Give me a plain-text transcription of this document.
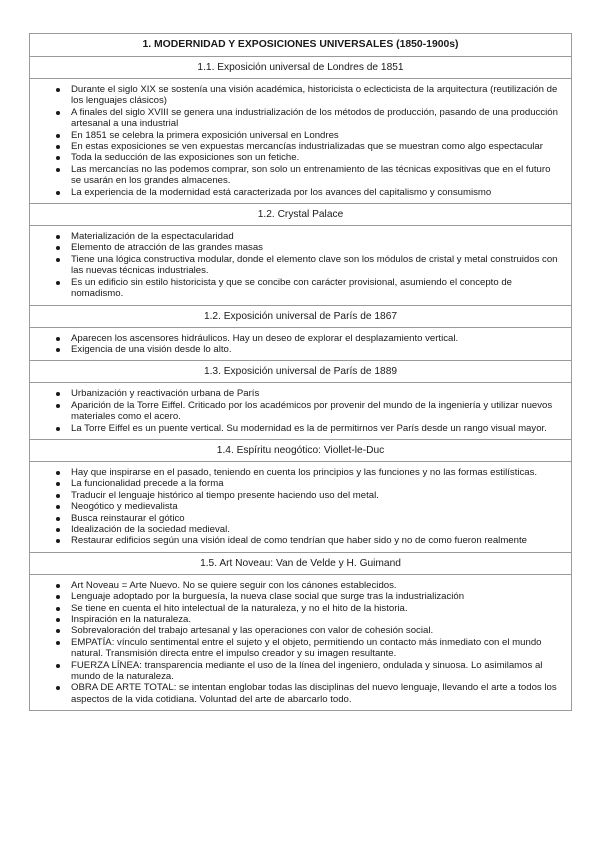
1. MODERNIDAD Y EXPOSICIONES UNIVERSALES (1850-1900s)
1.1. Exposición universal de Londres de 1851
Durante el siglo XIX se sostenía una visión académica, historicista o eclecticista de la arquitectura (reutilización de los lenguajes clásicos)
A finales del siglo XVIII se genera una industrialización de los métodos de producción, pasando de una producción artesanal a una industrial
En 1851 se celebra la primera exposición universal en Londres
En estas exposiciones se ven expuestas mercancías industrializadas que se muestran como algo espectacular
Toda la seducción de las exposiciones son un fetiche.
Las mercancías no las podemos comprar, son solo un entrenamiento de las técnicas expositivas que en el futuro se usarán en los grandes almacenes.
La experiencia de la modernidad está caracterizada por los avances del capitalismo y consumismo
1.2. Crystal Palace
Materialización de la espectacularidad
Elemento de atracción de las grandes masas
Tiene una lógica constructiva modular, donde el elemento clave son los módulos de cristal y metal construidos con las nuevas técnicas industriales.
Es un edificio sin estilo historicista y que se concibe con carácter provisional, asumiendo el concepto de nomadismo.
1.2. Exposición universal de París de 1867
Aparecen los ascensores hidráulicos. Hay un deseo de explorar el desplazamiento vertical.
Exigencia de una visión desde lo alto.
1.3. Exposición universal de París de 1889
Urbanización y reactivación urbana de París
Aparición de la Torre Eiffel. Criticado por los académicos por provenir del mundo de la ingeniería y utilizar nuevos materiales como el acero.
La Torre Eiffel es un puente vertical. Su modernidad es la de permitirnos ver París desde un rango visual mayor.
1.4. Espíritu neogótico: Viollet-le-Duc
Hay que inspirarse en el pasado, teniendo en cuenta los principios y las funciones y no las formas estilísticas.
La funcionalidad precede a la forma
Traducir el lenguaje histórico al tiempo presente haciendo uso del metal.
Neogótico y medievalista
Busca reinstaurar el gótico
Idealización de la sociedad medieval.
Restaurar edificios según una visión ideal de como tendrían que haber sido y no de como fueron realmente
1.5. Art Noveau: Van de Velde y H. Guimand
Art Noveau = Arte Nuevo. No se quiere seguir con los cánones establecidos.
Lenguaje adoptado por la burguesía, la nueva clase social que surge tras la industrialización
Se tiene en cuenta el hito intelectual de la naturaleza, y no el hito de la historia.
Inspiración en la naturaleza.
Sobrevaloración del trabajo artesanal y las operaciones con valor de cohesión social.
EMPATÍA: vínculo sentimental entre el sujeto y el objeto, permitiendo un contacto más inmediato con el mundo natural. Transmisión directa entre el impulso creador y su imagen resultante.
FUERZA LÍNEA: transparencia mediante el uso de la línea del ingeniero, ondulada y sinuosa. Lo asimilamos al mundo de la naturaleza.
OBRA DE ARTE TOTAL: se intentan englobar todas las disciplinas del nuevo lenguaje, llevando el arte a todos los aspectos de la vida cotidiana. Voluntad del arte de abarcarlo todo.
